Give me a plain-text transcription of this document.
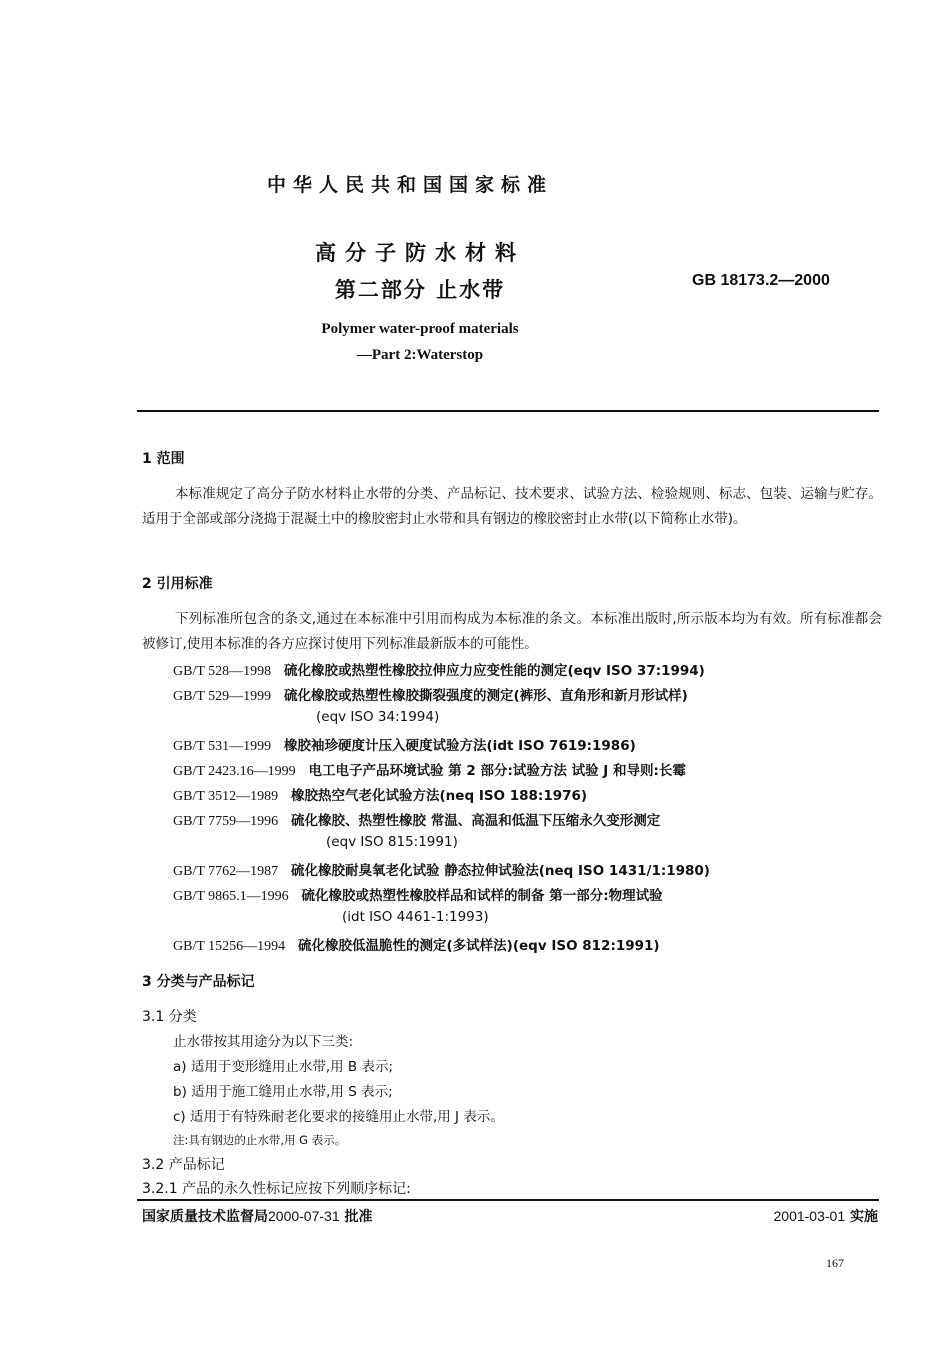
中华人民共和国国家标准
高分子防水材料
第二部分 止水带	GB 18173.2—2000
Polymer water-proof materials
—Part 2:Waterstop
1 范围
本标准规定了高分子防水材料止水带的分类、产品标记、技术要求、试验方法、检验规则、标志、包装、运输与贮存。适用于全部或部分浇捣于混凝土中的橡胶密封止水带和具有钢边的橡胶密封止水带(以下简称止水带)。
2 引用标准
下列标准所包含的条文,通过在本标准中引用而构成为本标准的条文。本标准出版时,所示版本均为有效。所有标准都会被修订,使用本标准的各方应探讨使用下列标准最新版本的可能性。
GB/T 528—1998 硫化橡胶或热塑性橡胶拉伸应力应变性能的测定(eqv ISO 37:1994)
GB/T 529—1999 硫化橡胶或热塑性橡胶撕裂强度的测定(裤形、直角形和新月形试样)
(eqv ISO 34:1994)
GB/T 531—1999 橡胶袖珍硬度计压入硬度试验方法(idt ISO 7619:1986)
GB/T 2423.16—1999 电工电子产品环境试验 第 2 部分:试验方法 试验 J 和导则:长霉
GB/T 3512—1989 橡胶热空气老化试验方法(neq ISO 188:1976)
GB/T 7759—1996 硫化橡胶、热塑性橡胶 常温、高温和低温下压缩永久变形测定
(eqv ISO 815:1991)
GB/T 7762—1987 硫化橡胶耐臭氧老化试验 静态拉伸试验法(neq ISO 1431/1:1980)
GB/T 9865.1—1996 硫化橡胶或热塑性橡胶样品和试样的制备 第一部分:物理试验
(idt ISO 4461-1:1993)
GB/T 15256—1994 硫化橡胶低温脆性的测定(多试样法)(eqv ISO 812:1991)
3 分类与产品标记
3.1 分类
止水带按其用途分为以下三类:
a) 适用于变形缝用止水带,用 B 表示;
b) 适用于施工缝用止水带,用 S 表示;
c) 适用于有特殊耐老化要求的接缝用止水带,用 J 表示。
注:具有钢边的止水带,用 G 表示。
3.2 产品标记
3.2.1 产品的永久性标记应按下列顺序标记:
国家质量技术监督局2000-07-31 批准	2001-03-01 实施
167
